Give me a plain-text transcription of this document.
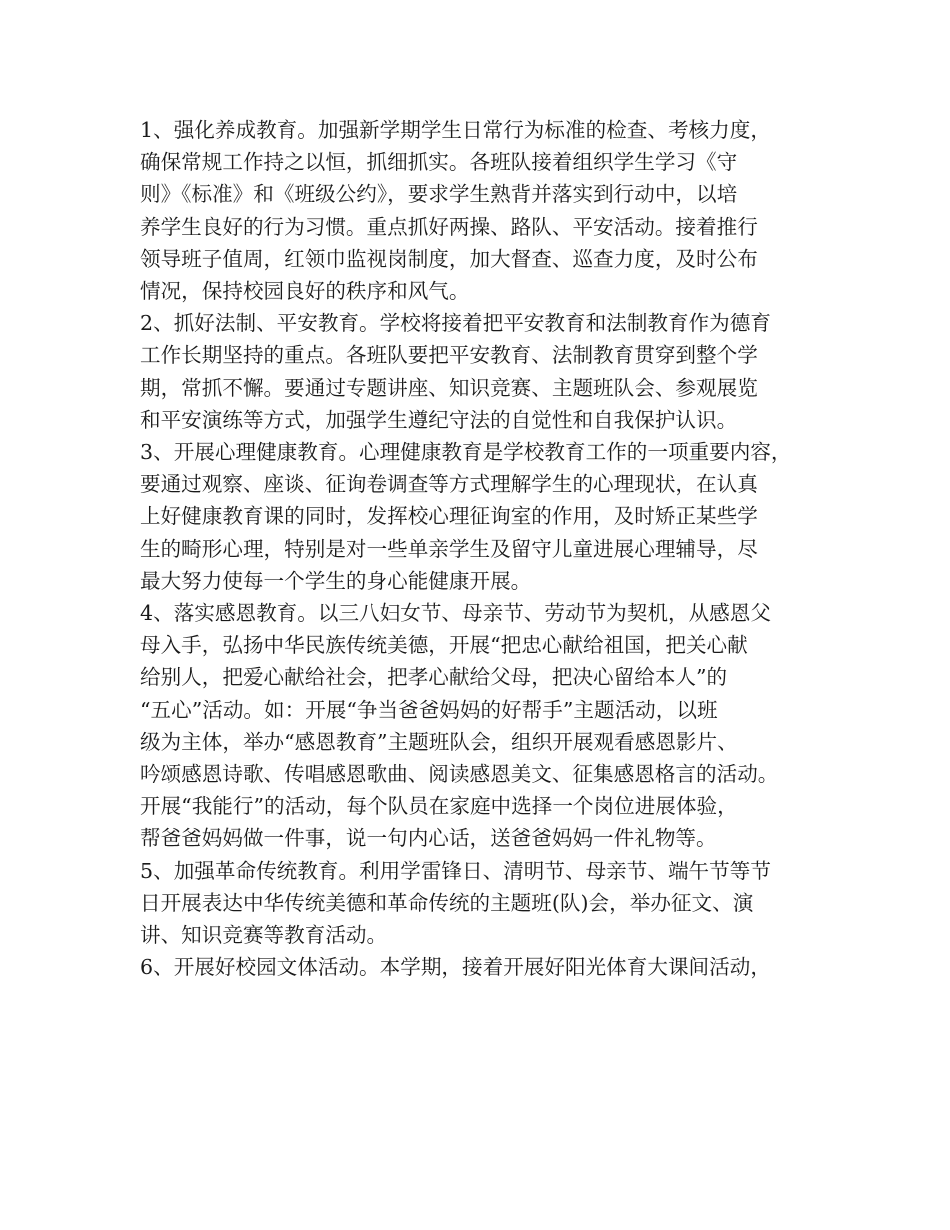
1、强化养成教育。加强新学期学生日常行为标准的检查、考核力度，
确保常规工作持之以恒，抓细抓实。各班队接着组织学生学习《守
则》《标准》和《班级公约》，要求学生熟背并落实到行动中，以培
养学生良好的行为习惯。重点抓好两操、路队、平安活动。接着推行
领导班子值周，红领巾监视岗制度，加大督查、巡查力度，及时公布
情况，保持校园良好的秩序和风气。
2、抓好法制、平安教育。学校将接着把平安教育和法制教育作为德育
工作长期坚持的重点。各班队要把平安教育、法制教育贯穿到整个学
期，常抓不懈。要通过专题讲座、知识竞赛、主题班队会、参观展览
和平安演练等方式，加强学生遵纪守法的自觉性和自我保护认识。
3、开展心理健康教育。心理健康教育是学校教育工作的一项重要内容，
要通过观察、座谈、征询卷调查等方式理解学生的心理现状，在认真
上好健康教育课的同时，发挥校心理征询室的作用，及时矫正某些学
生的畸形心理，特别是对一些单亲学生及留守儿童进展心理辅导，尽
最大努力使每一个学生的身心能健康开展。
4、落实感恩教育。以三八妇女节、母亲节、劳动节为契机，从感恩父
母入手，弘扬中华民族传统美德，开展“把忠心献给祖国，把关心献
给别人，把爱心献给社会，把孝心献给父母，把决心留给本人”的
“五心”活动。如：开展“争当爸爸妈妈的好帮手”主题活动，以班
级为主体，举办“感恩教育”主题班队会，组织开展观看感恩影片、
吟颂感恩诗歌、传唱感恩歌曲、阅读感恩美文、征集感恩格言的活动。
开展“我能行”的活动，每个队员在家庭中选择一个岗位进展体验，
帮爸爸妈妈做一件事，说一句内心话，送爸爸妈妈一件礼物等。
5、加强革命传统教育。利用学雷锋日、清明节、母亲节、端午节等节
日开展表达中华传统美德和革命传统的主题班(队)会，举办征文、演
讲、知识竞赛等教育活动。
6、开展好校园文体活动。本学期，接着开展好阳光体育大课间活动，
